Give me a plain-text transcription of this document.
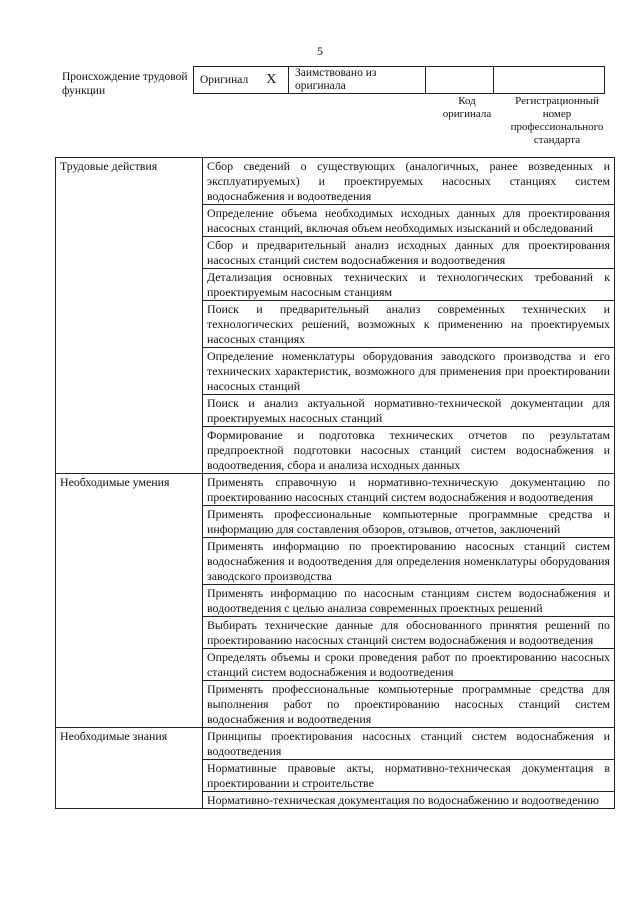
5
Происхождение трудовой функции
Оригинал X	Заимствовано из оригинала		
Код оригинала
Регистрационный номер профессионального стандарта
Трудовые действия	Сбор сведений о существующих (аналогичных, ранее возведенных и эксплуатируемых) и проектируемых насосных станциях систем водоснабжения и водоотведения
	Определение объема необходимых исходных данных для проектирования насосных станций, включая объем необходимых изысканий и обследований
	Сбор и предварительный анализ исходных данных для проектирования насосных станций систем водоснабжения и водоотведения
	Детализация основных технических и технологических требований к проектируемым насосным станциям
	Поиск и предварительный анализ современных технических и технологических решений, возможных к применению на проектируемых насосных станциях
	Определение номенклатуры оборудования заводского производства и его технических характеристик, возможного для применения при проектировании насосных станций
	Поиск и анализ актуальной нормативно-технической документации для проектируемых насосных станций
	Формирование и подготовка технических отчетов по результатам предпроектной подготовки насосных станций систем водоснабжения и водоотведения, сбора и анализа исходных данных
Необходимые умения	Применять справочную и нормативно-техническую документацию по проектированию насосных станций систем водоснабжения и водоотведения
	Применять профессиональные компьютерные программные средства и информацию для составления обзоров, отзывов, отчетов, заключений
	Применять информацию по проектированию насосных станций систем водоснабжения и водоотведения для определения номенклатуры оборудования заводского производства
	Применять информацию по насосным станциям систем водоснабжения и водоотведения с целью анализа современных проектных решений
	Выбирать технические данные для обоснованного принятия решений по проектированию насосных станций систем водоснабжения и водоотведения
	Определять объемы и сроки проведения работ по проектированию насосных станций систем водоснабжения и водоотведения
	Применять профессиональные компьютерные программные средства для выполнения работ по проектированию насосных станций систем водоснабжения и водоотведения
Необходимые знания	Принципы проектирования насосных станций систем водоснабжения и водоотведения
	Нормативные правовые акты, нормативно-техническая документация в проектировании и строительстве
	Нормативно-техническая документация по водоснабжению и водоотведению
